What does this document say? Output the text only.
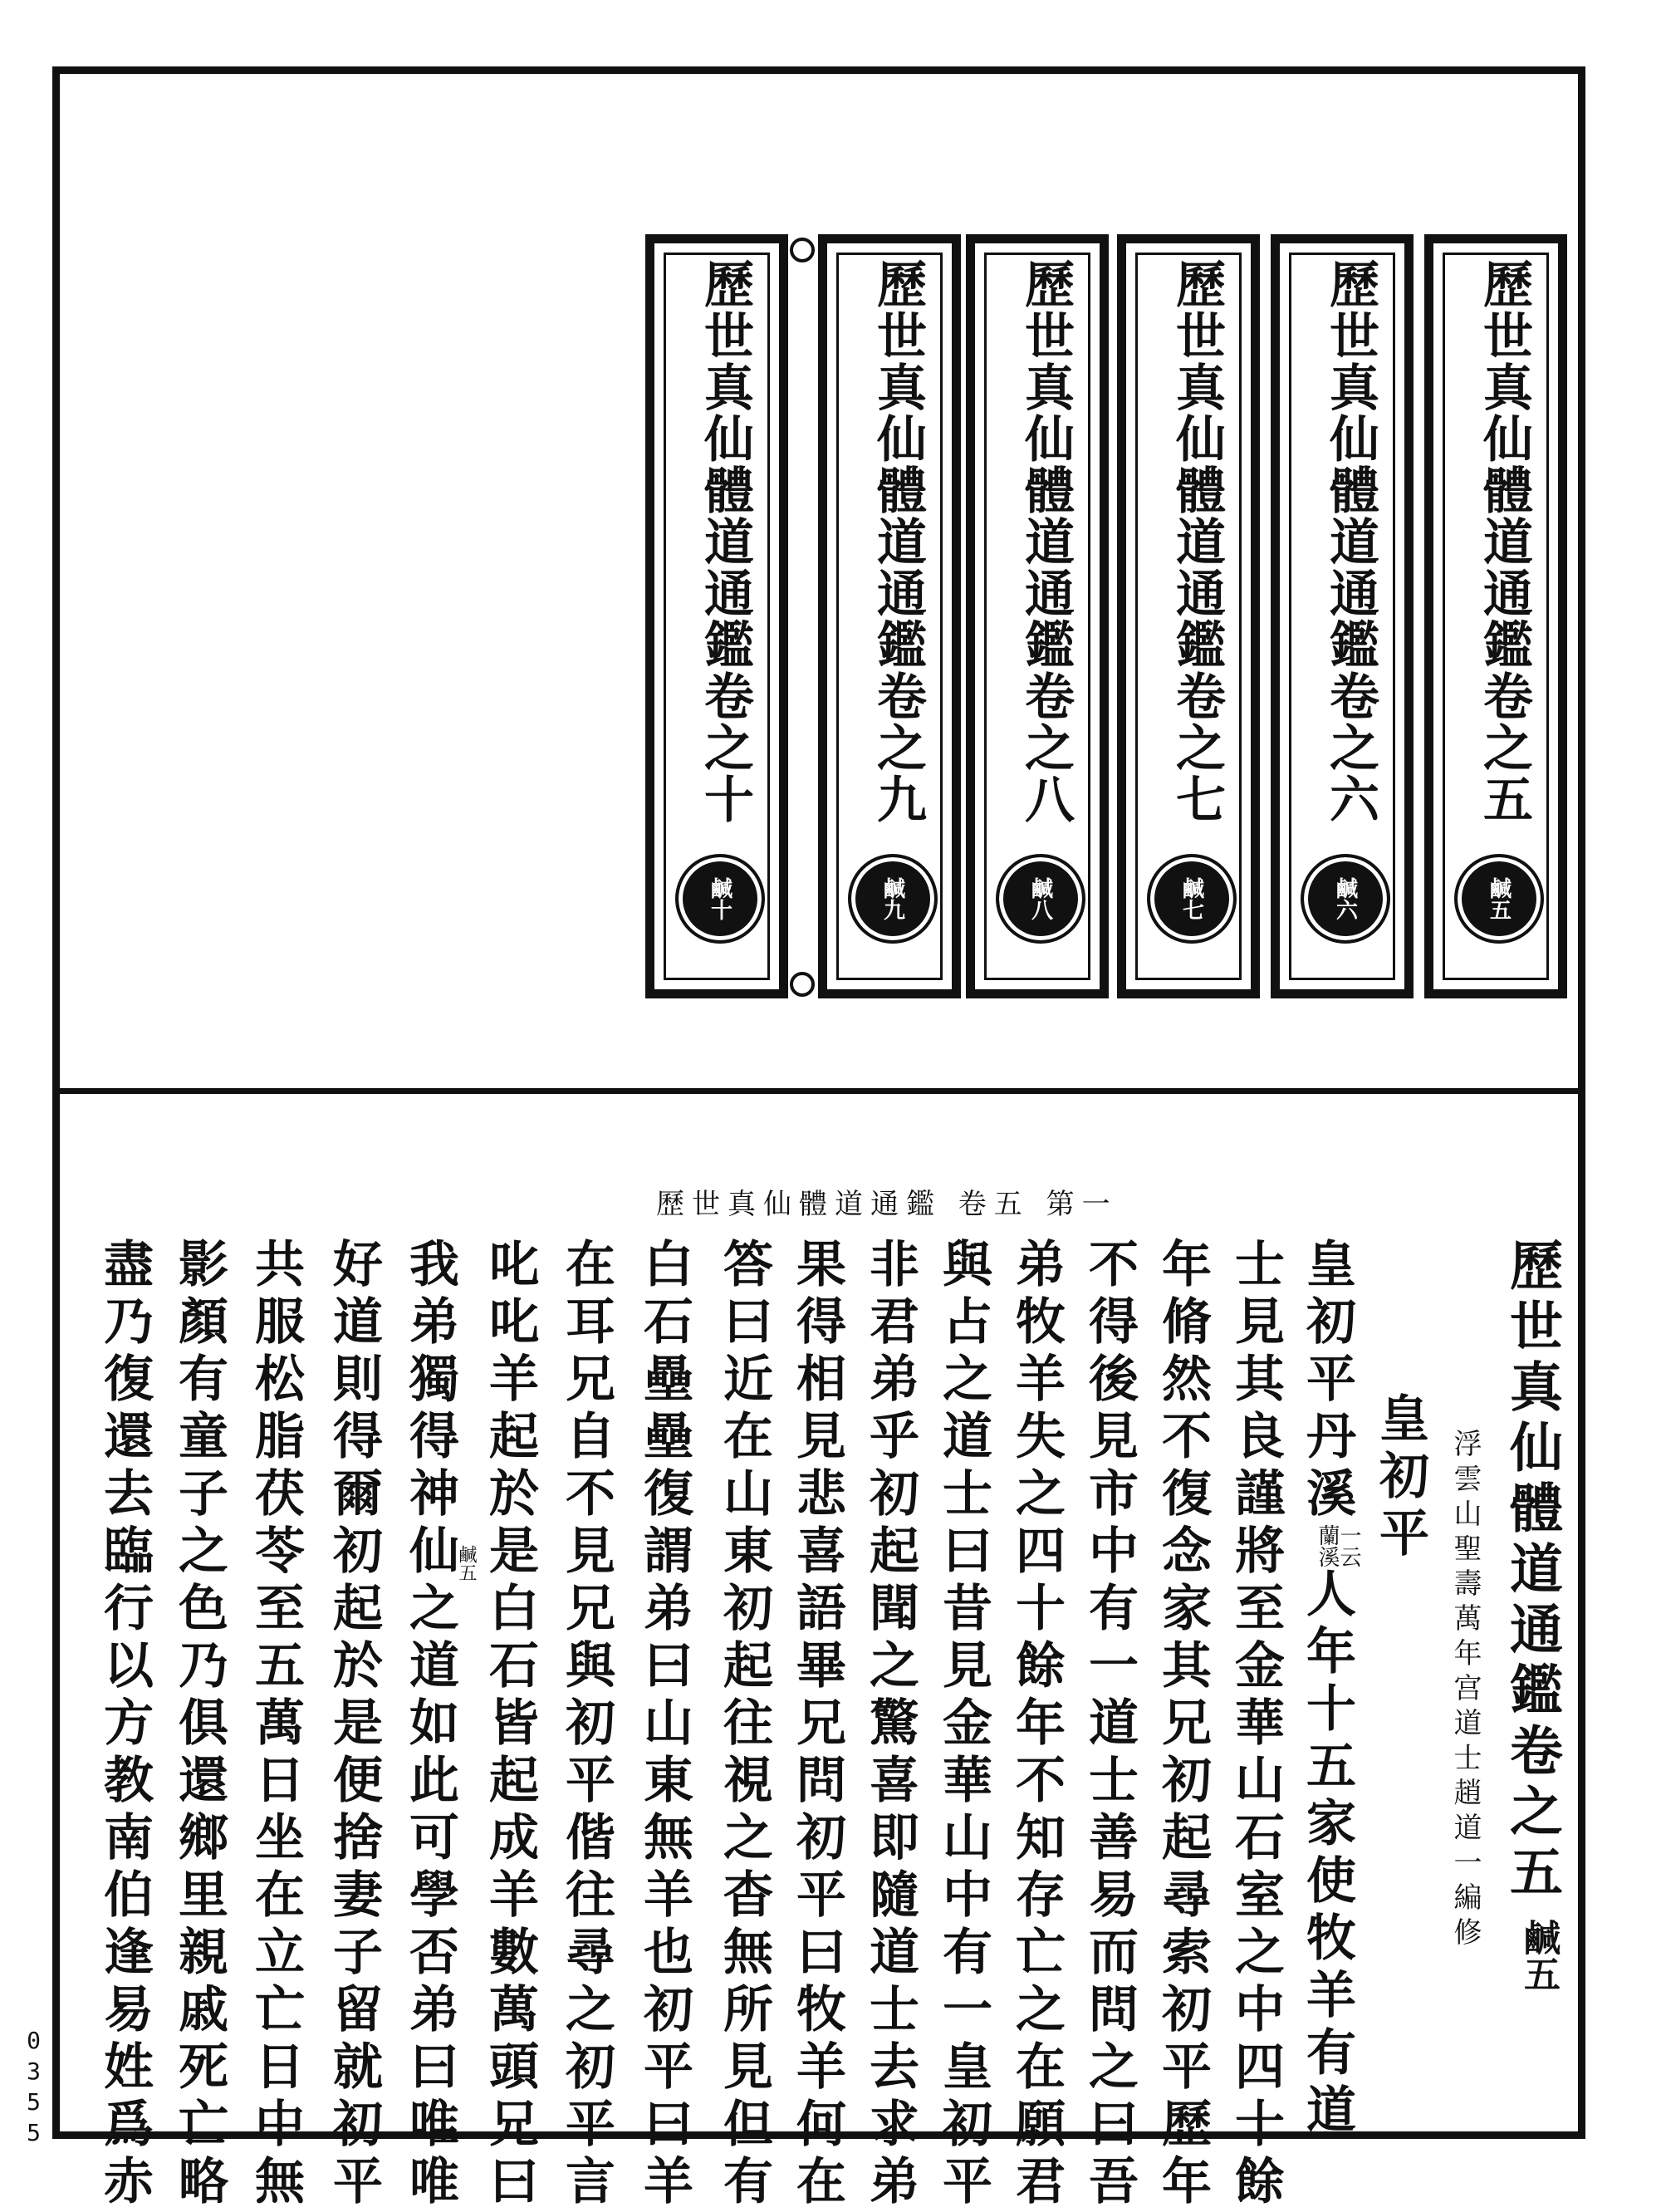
歷世真仙體道通鑑卷之五
鹹五
歷世真仙體道通鑑卷之六
鹹六
歷世真仙體道通鑑卷之七
鹹七
歷世真仙體道通鑑卷之八
鹹八
歷世真仙體道通鑑卷之九
鹹九
歷世真仙體道通鑑卷之十
鹹十
歷世真仙體道通鑑 卷五 第一
歷世真仙體道通鑑卷之五
鹹五
浮雲山聖壽萬年宫道士趙道一編修
皇初平
皇初平丹溪一云
蘭溪人年十五家使牧羊有道
士見其良謹將至金華山石室之中四十餘
年脩然不復念家其兄初起尋索初平歷年
不得後見市中有一道士善易而問之曰吾
弟牧羊失之四十餘年不知存亡之在願君
與占之道士曰昔見金華山中有一皇初平
非君弟乎初起聞之驚喜即隨道士去求弟
果得相見悲喜語畢兄問初平曰牧羊何在
答曰近在山東初起往視之杳無所見但有
白石壘壘復謂弟曰山東無羊也初平曰羊
在耳兄自不見兄與初平偕往尋之初平言
叱叱羊起於是白石皆起成羊數萬頭兄曰
鹹五
我弟獨得神仙之道如此可學否弟曰唯唯
好道則得爾初起於是便捨妻子留就初平
共服松脂茯苓至五萬日坐在立亡日中無
影顏有童子之色乃俱還鄉里親戚死亡略
盡乃復還去臨行以方教南伯逢易姓爲赤
0355
